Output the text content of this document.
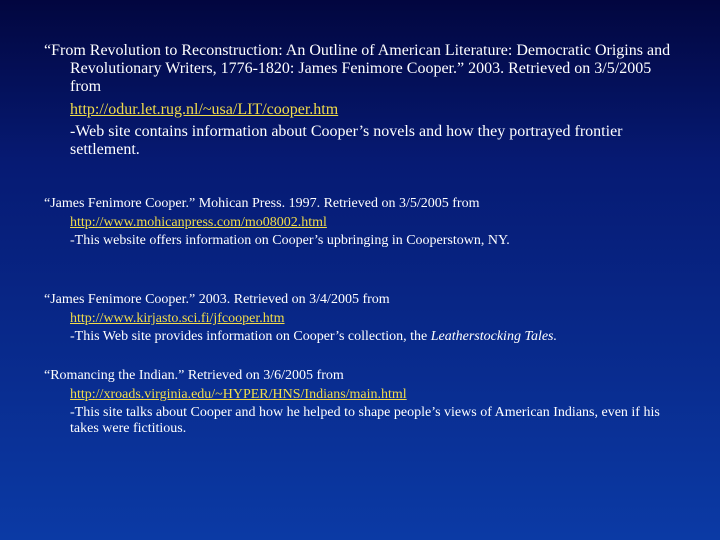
“From Revolution to Reconstruction: An Outline of American Literature: Democratic Origins and Revolutionary Writers, 1776-1820: James Fenimore Cooper.” 2003. Retrieved on 3/5/2005 from

http://odur.let.rug.nl/~usa/LIT/cooper.htm

-Web site contains information about Cooper’s novels and how they portrayed frontier settlement.

“James Fenimore Cooper.” Mohican Press. 1997. Retrieved on 3/5/2005 from

http://www.mohicanpress.com/mo08002.html

-This website offers information on Cooper’s upbringing in Cooperstown, NY.

“James Fenimore Cooper.” 2003. Retrieved on 3/4/2005 from

http://www.kirjasto.sci.fi/jfcooper.htm

-This Web site provides information on Cooper’s collection, the Leatherstocking Tales.

“Romancing the Indian.” Retrieved on 3/6/2005 from

http://xroads.virginia.edu/~HYPER/HNS/Indians/main.html

-This site talks about Cooper and how he helped to shape people’s views of American Indians, even if his takes were fictitious.
